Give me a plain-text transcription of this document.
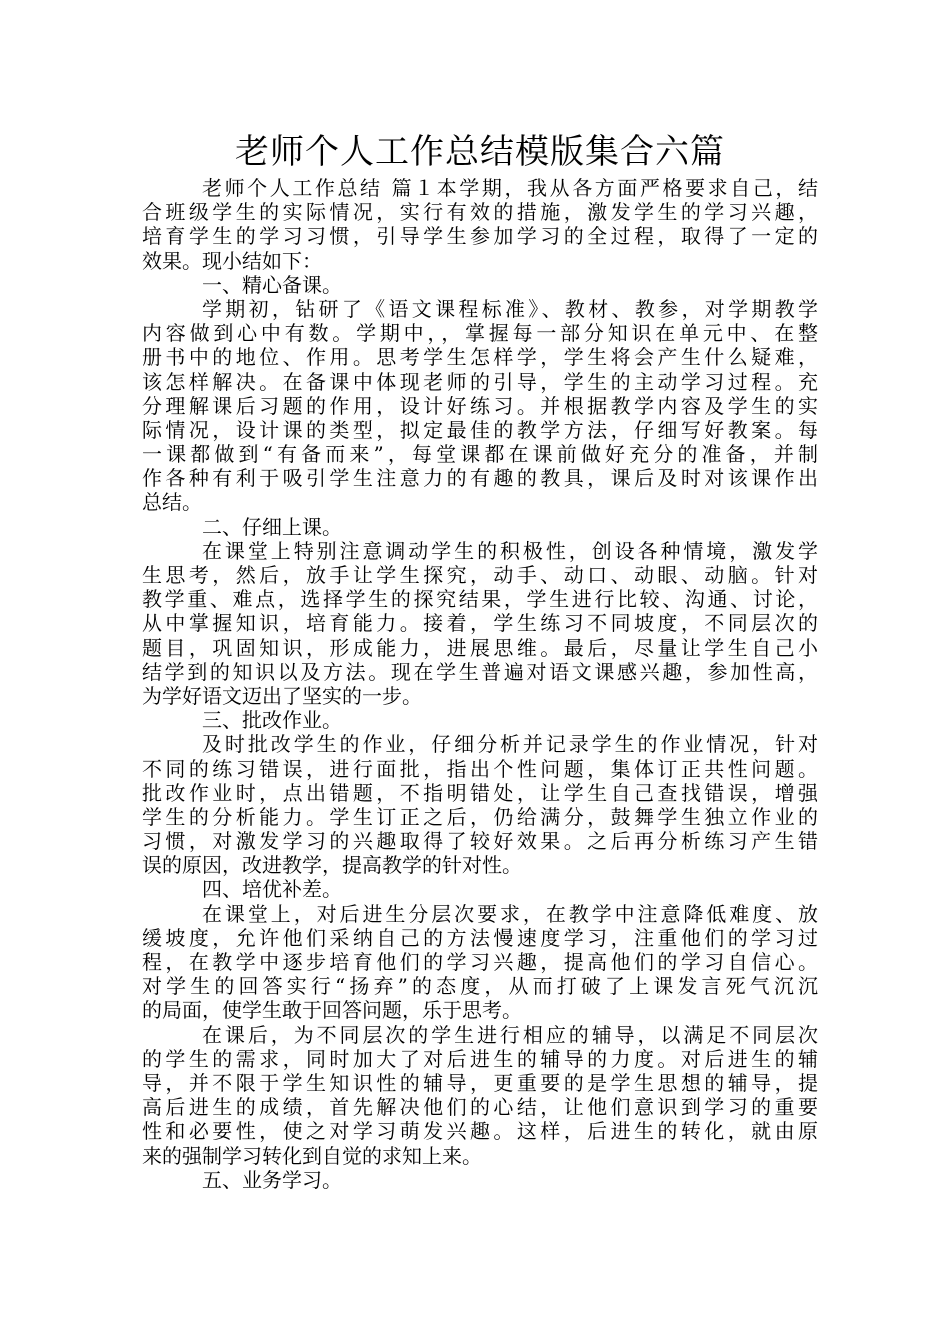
老师个人工作总结模版集合六篇
老师个人工作总结 篇１本学期，我从各方面严格要求自己，结
合班级学生的实际情况，实行有效的措施，激发学生的学习兴趣，
培育学生的学习习惯，引导学生参加学习的全过程，取得了一定的
效果。现小结如下：
一、精心备课。
学期初，钻研了《语文课程标准》、教材、教参，对学期教学
内容做到心中有数。学期中，，掌握每一部分知识在单元中、在整
册书中的地位、作用。思考学生怎样学，学生将会产生什么疑难，
该怎样解决。在备课中体现老师的引导，学生的主动学习过程。充
分理解课后习题的作用，设计好练习。并根据教学内容及学生的实
际情况，设计课的类型，拟定最佳的教学方法，仔细写好教案。每
一课都做到“有备而来”，每堂课都在课前做好充分的准备，并制
作各种有利于吸引学生注意力的有趣的教具，课后及时对该课作出
总结。
二、仔细上课。
在课堂上特别注意调动学生的积极性，创设各种情境，激发学
生思考，然后，放手让学生探究，动手、动口、动眼、动脑。针对
教学重、难点，选择学生的探究结果，学生进行比较、沟通、讨论，
从中掌握知识，培育能力。接着，学生练习不同坡度，不同层次的
题目，巩固知识，形成能力，进展思维。最后，尽量让学生自己小
结学到的知识以及方法。现在学生普遍对语文课感兴趣，参加性高，
为学好语文迈出了坚实的一步。
三、批改作业。
及时批改学生的作业，仔细分析并记录学生的作业情况，针对
不同的练习错误，进行面批，指出个性问题，集体订正共性问题。
批改作业时，点出错题，不指明错处，让学生自己查找错误，增强
学生的分析能力。学生订正之后，仍给满分，鼓舞学生独立作业的
习惯，对激发学习的兴趣取得了较好效果。之后再分析练习产生错
误的原因，改进教学，提高教学的针对性。
四、培优补差。
在课堂上，对后进生分层次要求，在教学中注意降低难度、放
缓坡度，允许他们采纳自己的方法慢速度学习，注重他们的学习过
程，在教学中逐步培育他们的学习兴趣，提高他们的学习自信心。
对学生的回答实行“扬弃”的态度，从而打破了上课发言死气沉沉
的局面，使学生敢于回答问题，乐于思考。
在课后，为不同层次的学生进行相应的辅导，以满足不同层次
的学生的需求，同时加大了对后进生的辅导的力度。对后进生的辅
导，并不限于学生知识性的辅导，更重要的是学生思想的辅导，提
高后进生的成绩，首先解决他们的心结，让他们意识到学习的重要
性和必要性，使之对学习萌发兴趣。这样，后进生的转化，就由原
来的强制学习转化到自觉的求知上来。
五、业务学习。
